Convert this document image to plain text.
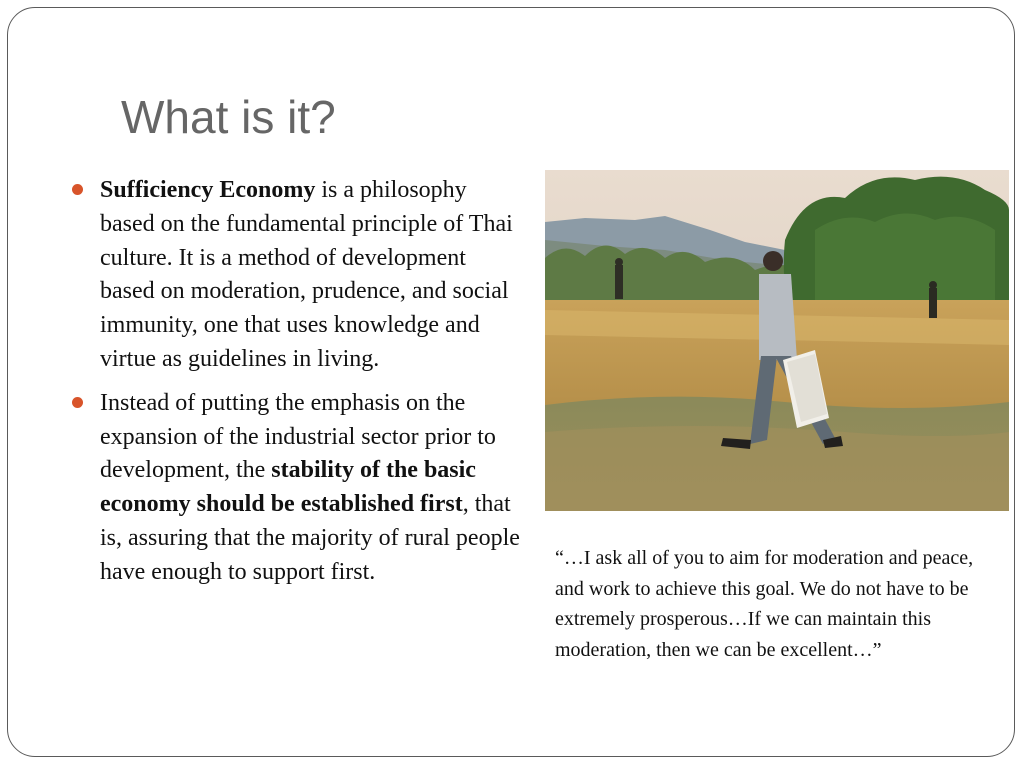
What is it?
Sufficiency Economy is a philosophy based on the fundamental principle of Thai culture. It is a method of development based on moderation, prudence, and social immunity, one that uses knowledge and virtue as guidelines in living.
Instead of putting the emphasis on the expansion of the industrial sector prior to development, the stability of the basic economy should be established first, that is, assuring that the majority of rural people have enough to support first.
“…I ask all of you to aim for moderation and peace, and work to achieve this goal. We do not have to be extremely prosperous…If we can maintain this moderation, then we can be excellent…”
